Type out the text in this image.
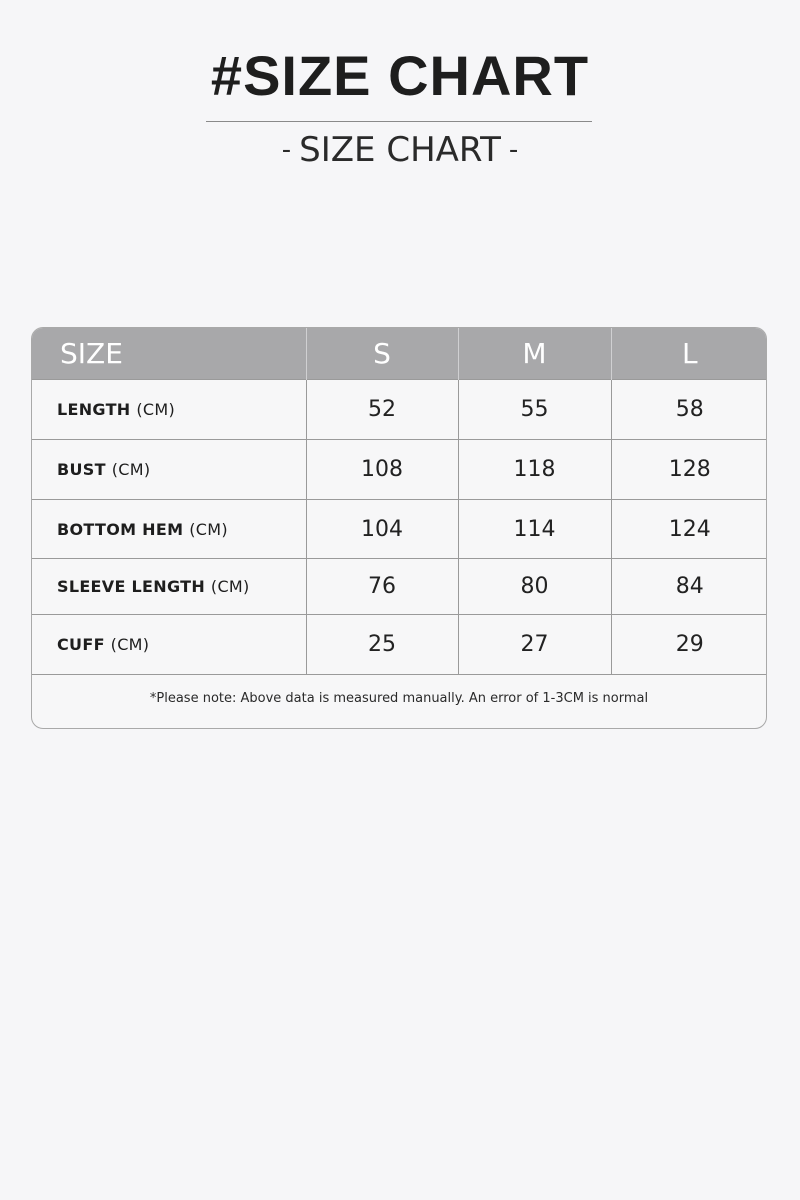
#SIZE CHART
- SIZE CHART -
SIZE	S	M	L
LENGTH (CM)	52	55	58
BUST (CM)	108	118	128
BOTTOM HEM (CM)	104	114	124
SLEEVE LENGTH (CM)	76	80	84
CUFF (CM)	25	27	29
*Please note: Above data is measured manually. An error of 1-3CM is normal
